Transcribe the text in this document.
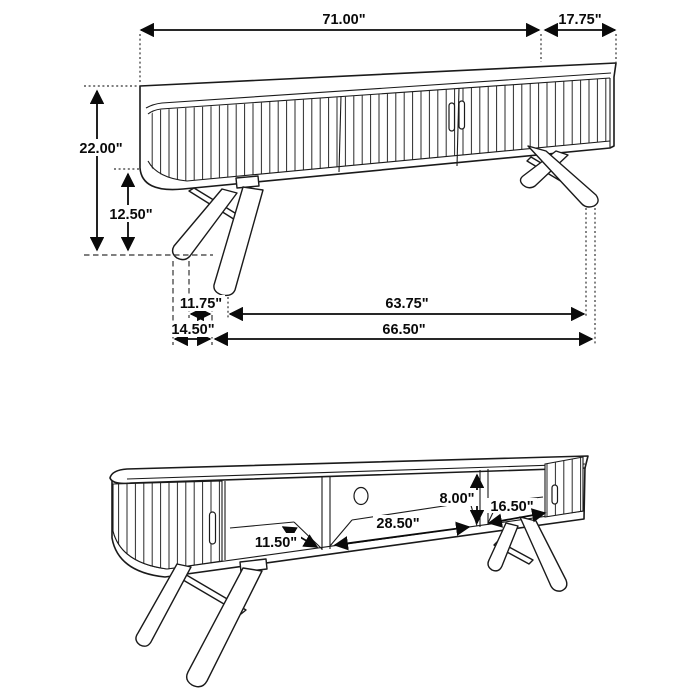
71.00"	17.75"
22.00"
12.50"
11.75"	63.75"
14.50"	66.50"
8.00" 16.50"
28.50"
11.50"
